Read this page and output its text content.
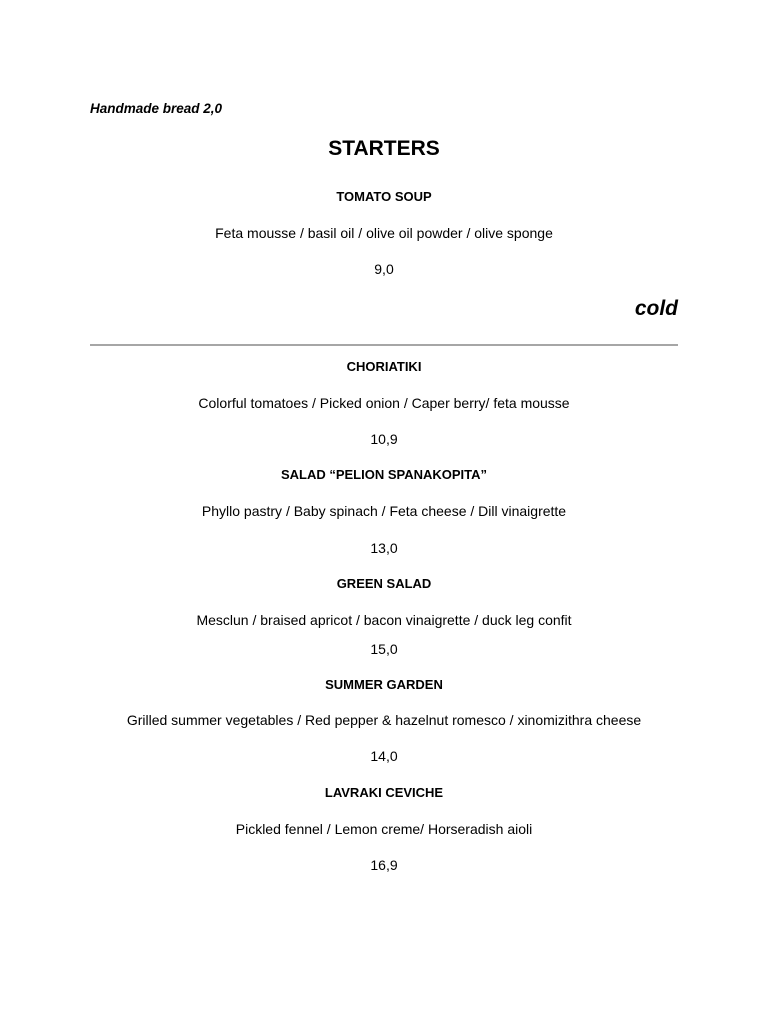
Handmade bread 2,0
STARTERS
TOMATO SOUP
Feta mousse / basil oil / olive oil powder / olive sponge
9,0
cold
CHORIATIKI
Colorful tomatoes / Picked onion / Caper berry/ feta mousse
10,9
SALAD “PELION SPANAKOPITA”
Phyllo pastry / Baby spinach / Feta cheese / Dill vinaigrette
13,0
GREEN SALAD
Mesclun / braised apricot / bacon vinaigrette / duck leg confit
15,0
SUMMER GARDEN
Grilled summer vegetables / Red pepper & hazelnut romesco / xinomizithra cheese
14,0
LAVRAKI CEVICHE
Pickled fennel / Lemon creme/ Horseradish aioli
16,9
